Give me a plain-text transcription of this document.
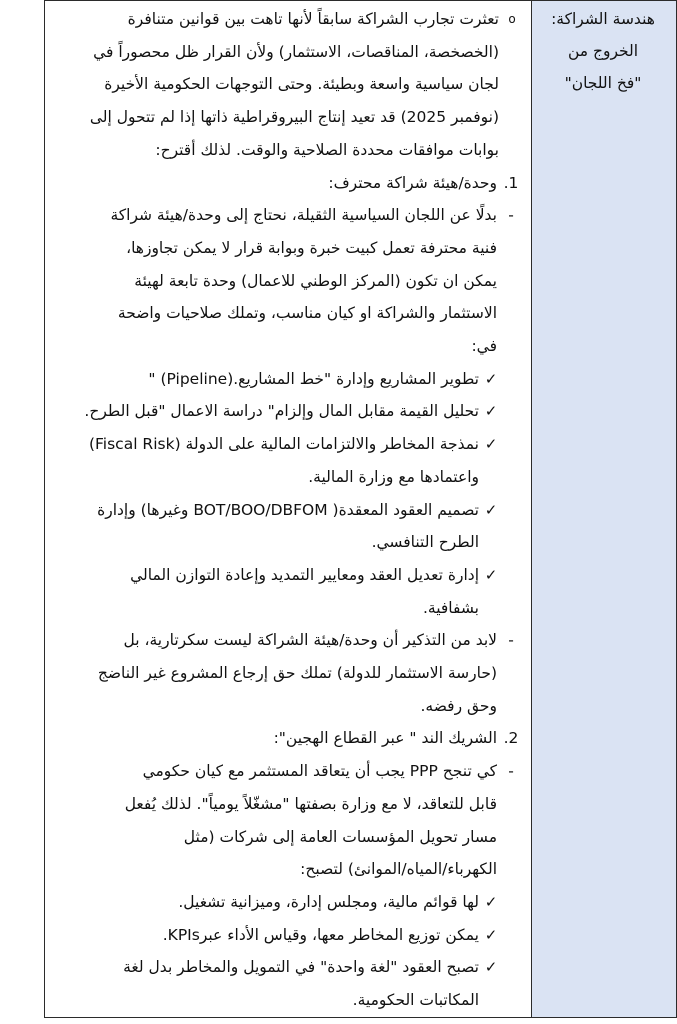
هندسة الشراكة:
الخروج من
"فخ اللجان"

o
تعثرت تجارب الشراكة سابقاً لأنها تاهت بين قوانين متنافرة
(الخصخصة، المناقصات، الاستثمار) ولأن القرار ظل محصوراً في
لجان سياسية واسعة وبطيئة. وحتى التوجهات الحكومية الأخيرة
(نوفمبر 2025) قد تعيد إنتاج البيروقراطية ذاتها إذا لم تتحول إلى
بوابات موافقات محددة الصلاحية والوقت. لذلك أقترح:
1.
وحدة/هيئة شراكة محترف:
-
بدلًا عن اللجان السياسية الثقيلة، نحتاج إلى وحدة/هيئة شراكة
فنية محترفة تعمل كبيت خبرة وبوابة قرار لا يمكن تجاوزها،
يمكن ان تكون (المركز الوطني للاعمال) وحدة تابعة لهيئة
الاستثمار والشراكة او كيان مناسب، وتملك صلاحيات واضحة
في:
✓
تطوير المشاريع وإدارة "خط المشاريع.(Pipeline) "
✓
تحليل القيمة مقابل المال وإلزام" دراسة الاعمال "قبل الطرح.
✓
نمذجة المخاطر والالتزامات المالية على الدولة (Fiscal Risk)
واعتمادها مع وزارة المالية.
✓
تصميم العقود المعقدة( BOT/BOO/DBFOM وغيرها) وإدارة
الطرح التنافسي.
✓
إدارة تعديل العقد ومعايير التمديد وإعادة التوازن المالي
بشفافية.
-
لابد من التذكير أن وحدة/هيئة الشراكة ليست سكرتارية، بل
(حارسة الاستثمار للدولة) تملك حق إرجاع المشروع غير الناضج
وحق رفضه.
2.
الشريك الند " عبر القطاع الهجين":
-
كي تنجح PPP يجب أن يتعاقد المستثمر مع كيان حكومي
قابل للتعاقد، لا مع وزارة بصفتها "مشغّلاً يومياً". لذلك يُفعل
مسار تحويل المؤسسات العامة إلى شركات (مثل
الكهرباء/المياه/الموانئ) لتصبح:
✓
لها قوائم مالية، ومجلس إدارة، وميزانية تشغيل.
✓
يمكن توزيع المخاطر معها، وقياس الأداء عبرKPIs.
✓
تصبح العقود "لغة واحدة" في التمويل والمخاطر بدل لغة
المكاتبات الحكومية.
